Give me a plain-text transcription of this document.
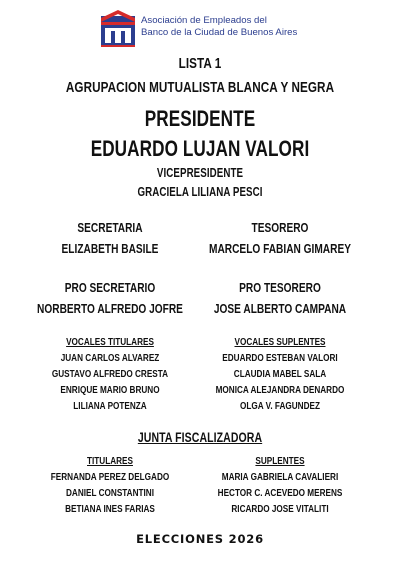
Asociación de Empleados del
Banco de la Ciudad de Buenos Aires
LISTA 1
AGRUPACION MUTUALISTA BLANCA Y NEGRA
PRESIDENTE
EDUARDO LUJAN VALORI
VICEPRESIDENTE
GRACIELA LILIANA PESCI
SECRETARIA
ELIZABETH BASILE
TESORERO
MARCELO FABIAN GIMAREY
PRO SECRETARIO
NORBERTO ALFREDO JOFRE
PRO TESORERO
JOSE ALBERTO CAMPANA
VOCALES TITULARES
JUAN CARLOS ALVAREZ
GUSTAVO ALFREDO CRESTA
ENRIQUE MARIO BRUNO
LILIANA POTENZA
VOCALES SUPLENTES
EDUARDO ESTEBAN VALORI
CLAUDIA MABEL SALA
MONICA ALEJANDRA DENARDO
OLGA V. FAGUNDEZ
JUNTA FISCALIZADORA
TITULARES
FERNANDA PEREZ DELGADO
DANIEL CONSTANTINI
BETIANA INES FARIAS
SUPLENTES
MARIA GABRIELA CAVALIERI
HECTOR C. ACEVEDO MERENS
RICARDO JOSE VITALITI
ELECCIONES 2026
